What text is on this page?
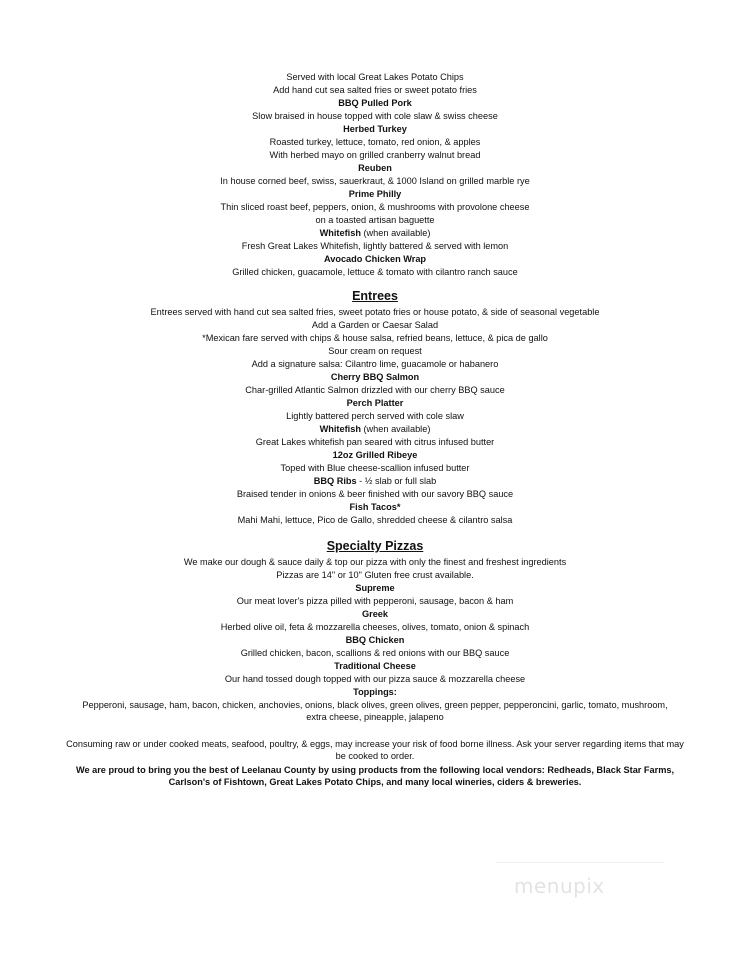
Served with local Great Lakes Potato Chips
Add hand cut sea salted fries or sweet potato fries
BBQ Pulled Pork
Slow braised in house topped with cole slaw & swiss cheese
Herbed Turkey
Roasted turkey, lettuce, tomato, red onion, & apples
With herbed mayo on grilled cranberry walnut bread
Reuben
In house corned beef, swiss, sauerkraut, & 1000 Island on grilled marble rye
Prime Philly
Thin sliced roast beef, peppers, onion, & mushrooms with provolone cheese
on a toasted artisan baguette
Whitefish (when available)
Fresh Great Lakes Whitefish, lightly battered & served with lemon
Avocado Chicken Wrap
Grilled chicken, guacamole, lettuce & tomato with cilantro ranch sauce
Entrees
Entrees served with hand cut sea salted fries, sweet potato fries or house potato, & side of seasonal vegetable
Add a Garden or Caesar Salad
*Mexican fare served with chips & house salsa, refried beans, lettuce, & pica de gallo
Sour cream on request
Add a signature salsa: Cilantro lime, guacamole or habanero
Cherry BBQ Salmon
Char-grilled Atlantic Salmon drizzled with our cherry BBQ sauce
Perch Platter
Lightly battered perch served with cole slaw
Whitefish (when available)
Great Lakes whitefish pan seared with citrus infused butter
12oz Grilled Ribeye
Toped with Blue cheese-scallion infused butter
BBQ Ribs - ½ slab or full slab
Braised tender in onions & beer finished with our savory BBQ sauce
Fish Tacos*
Mahi Mahi, lettuce, Pico de Gallo, shredded cheese & cilantro salsa
Specialty Pizzas
We make our dough & sauce daily & top our pizza with only the finest and freshest ingredients
Pizzas are 14" or 10" Gluten free crust available.
Supreme
Our meat lover's pizza pilled with pepperoni, sausage, bacon & ham
Greek
Herbed olive oil, feta & mozzarella cheeses, olives, tomato, onion & spinach
BBQ Chicken
Grilled chicken, bacon, scallions & red onions with our BBQ sauce
Traditional Cheese
Our hand tossed dough topped with our pizza sauce & mozzarella cheese
Toppings:
Pepperoni, sausage, ham, bacon, chicken, anchovies, onions, black olives, green olives, green pepper, pepperoncini, garlic, tomato, mushroom, extra cheese, pineapple, jalapeno
Consuming raw or under cooked meats, seafood, poultry, & eggs, may increase your risk of food borne illness. Ask your server regarding items that may be cooked to order.
We are proud to bring you the best of Leelanau County by using products from the following local vendors: Redheads, Black Star Farms, Carlson's of Fishtown, Great Lakes Potato Chips, and many local wineries, ciders & breweries.
menupix
